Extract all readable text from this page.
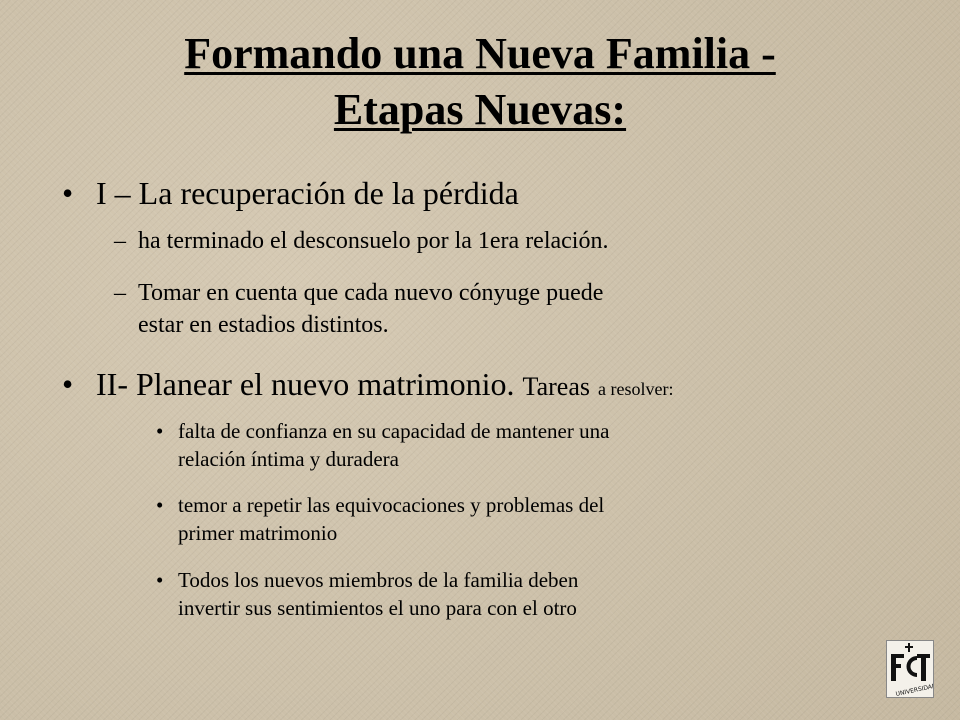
Formando una Nueva Familia -
Etapas Nuevas:
• I – La recuperación de la pérdida
– ha terminado el desconsuelo por la 1era relación.
– Tomar en cuenta que cada nuevo cónyuge puede
estar en estadios distintos.
• II- Planear el nuevo matrimonio. Tareas a resolver:
• falta de confianza en su capacidad de mantener una
relación íntima y duradera
• temor a repetir las equivocaciones y problemas del
primer matrimonio
• Todos los nuevos miembros de la familia deben
invertir sus sentimientos el uno para con el otro
UNIVERSIDAD
